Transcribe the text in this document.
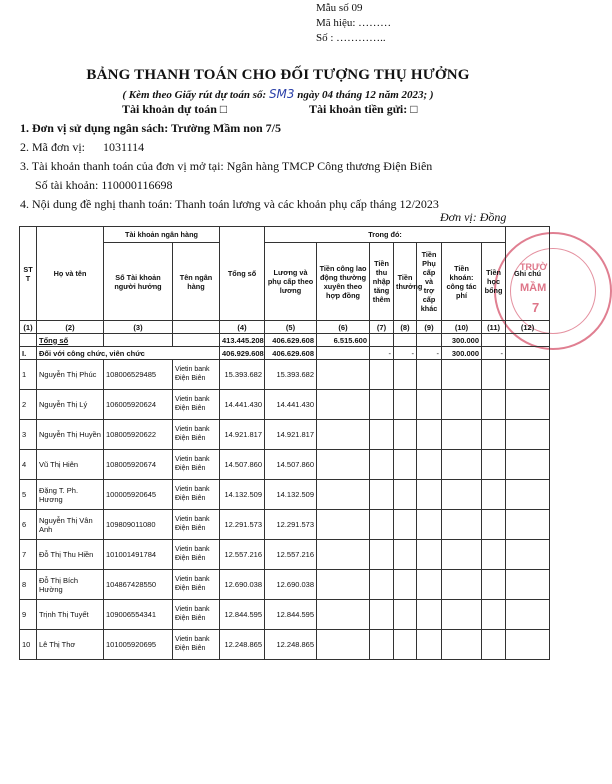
Mẫu số 09
Mã hiệu: ………
Số : …………..
BẢNG THANH TOÁN CHO ĐỐI TƯỢNG THỤ HƯỞNG
( Kèm theo Giấy rút dự toán số: SM3 ngày 04 tháng 12 năm 2023; )
Tài khoản dự toán □	Tài khoản tiền gửi: □
1. Đơn vị sử dụng ngân sách: Trường Mầm non 7/5
2. Mã đơn vị: 1031114
3. Tài khoản thanh toán của đơn vị mở tại: Ngân hàng TMCP Công thương Điện Biên
Số tài khoản: 110000116698
4. Nội dung đề nghị thanh toán: Thanh toán lương và các khoản phụ cấp tháng 12/2023
Đơn vị: Đồng
TRƯỜ
MẦM
7
ST T	Họ và tên	Tài khoản ngân hàng		Tổng số	Trong đó:							Ghi chú
		Số Tài khoản người hưởng	Tên ngân hàng		Lương và phụ cấp theo lương	Tiền công lao động thường xuyên theo hợp đồng	Tiền thu nhập tăng thêm	Tiền thưởng	Tiền Phụ cấp và trợ cấp khác	Tiền khoán: công tác phí	Tiền học bổng	
(1)	(2)	(3)		(4)	(5)	(6)	(7)	(8)	(9)	(10)	(11)	(12)
	Tổng số			413.445.208	406.629.608	6.515.600				300.000		
I.	Đối với công chức, viên chức			406.929.608	406.629.608		-	-	-	300.000	-	
1	Nguyễn Thị Phúc	108006529485	Vietin bank Điện Biên	15.393.682	15.393.682							
2	Nguyễn Thị Lý	106005920624	Vietin bank Điện Biên	14.441.430	14.441.430							
3	Nguyễn Thị Huyền	108005920622	Vietin bank Điện Biên	14.921.817	14.921.817							
4	Vũ Thị Hiên	108005920674	Vietin bank Điện Biên	14.507.860	14.507.860							
5	Đặng T. Ph. Hương	100005920645	Vietin bank Điện Biên	14.132.509	14.132.509							
6	Nguyễn Thị Vân Anh	109809011080	Vietin bank Điện Biên	12.291.573	12.291.573							
7	Đỗ Thị Thu Hiền	101001491784	Vietin bank Điện Biên	12.557.216	12.557.216							
8	Đỗ Thị Bích Hường	104867428550	Vietin bank Điện Biên	12.690.038	12.690.038							
9	Trịnh Thị Tuyết	109006554341	Vietin bank Điện Biên	12.844.595	12.844.595							
10	Lê Thị Thơ	101005920695	Vietin bank Điện Biên	12.248.865	12.248.865							
